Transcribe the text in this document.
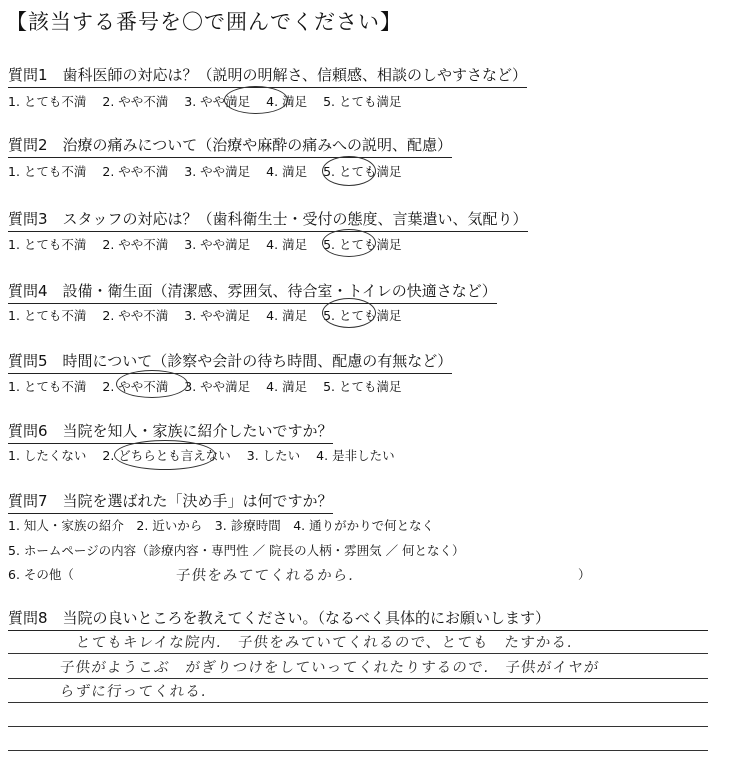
【該当する番号を〇で囲んでください】
質問1　歯科医師の対応は？（説明の明解さ、信頼感、相談のしやすさなど）
1. とても不満 2. やや不満 3. やや満足 4. 満足 5. とても満足
質問2　治療の痛みについて（治療や麻酔の痛みへの説明、配慮）
1. とても不満 2. やや不満 3. やや満足 4. 満足 5. とても満足
質問3　スタッフの対応は？（歯科衛生士・受付の態度、言葉遣い、気配り）
1. とても不満 2. やや不満 3. やや満足 4. 満足 5. とても満足
質問4　設備・衛生面（清潔感、雰囲気、待合室・トイレの快適さなど）
1. とても不満 2. やや不満 3. やや満足 4. 満足 5. とても満足
質問5　時間について（診察や会計の待ち時間、配慮の有無など）
1. とても不満 2. やや不満 3. やや満足 4. 満足 5. とても満足
質問6　当院を知人・家族に紹介したいですか？
1. したくない 2. どちらとも言えない 3. したい 4. 是非したい
質問7　当院を選ばれた「決め手」は何ですか？
1. 知人・家族の紹介　2. 近いから　3. 診療時間　4. 通りがかりで何となく
5. ホームページの内容（診療内容・専門性 ／ 院長の人柄・雰囲気 ／ 何となく）
6. その他（	子供をみててくれるから.	）
質問8　当院の良いところを教えてください。（なるべく具体的にお願いします）
とてもキレイな院内.　子供をみていてくれるので、とても　たすかる.
子供がようこぶ　がぎりつけをしていってくれたりするので.　子供がイヤが
らずに行ってくれる.
